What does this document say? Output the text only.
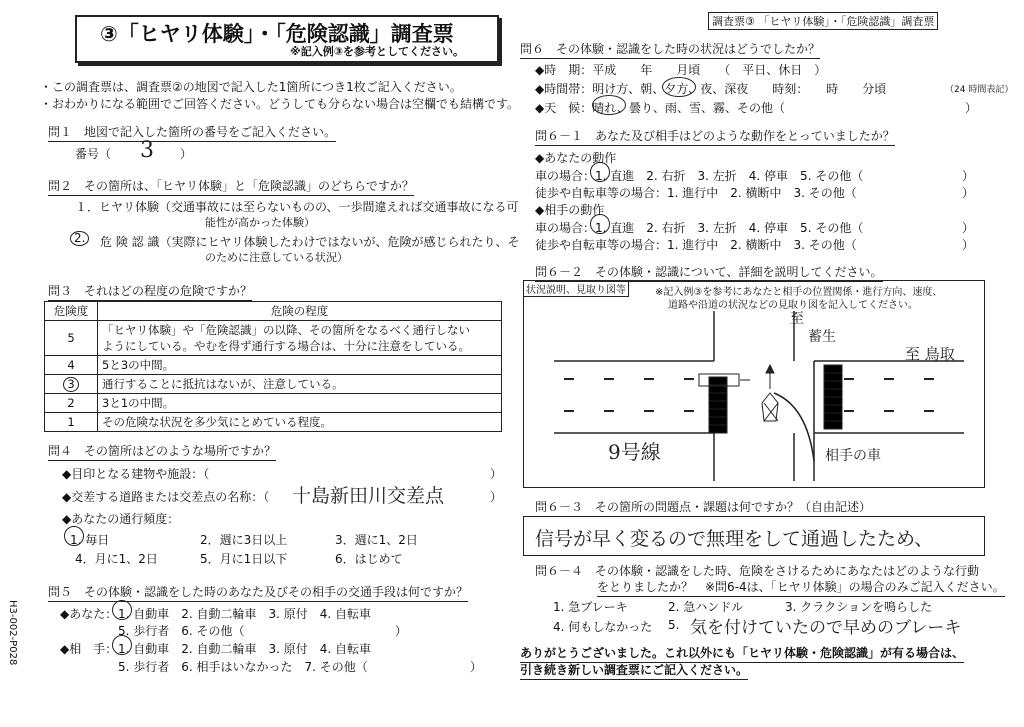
③「ヒヤリ体験」・「危険認識」調査票
※記入例③を参考としてください。
調査票③ 「ヒヤリ体験」・「危険認識」調査票
・この調査票は、調査票②の地図で記入した1箇所につき1枚ご記入ください。
・おわかりになる範囲でご回答ください。どうしても分らない場合は空欄でも結構です。
問１　地図で記入した箇所の番号をご記入ください。
番号（ 3 ）
問２　その箇所は、「ヒヤリ体験」と「危険認識」のどちらですか？
１．ヒヤリ体験（交通事故には至らないものの、一歩間違えれば交通事故になる可
能性が高かった体験）
2.	危 険 認 識（実際にヒヤリ体験したわけではないが、危険が感じられたり、そ
のために注意している状況）
問３　それはどの程度の危険ですか？
危険度	危険の程度
5	「ヒヤリ体験」や「危険認識」の以降、その箇所をなるべく通行しない
ようにしている。やむを得ず通行する場合は、十分に注意をしている。

4	5と3の中間。
3	通行することに抵抗はないが、注意している。
2	3と1の中間。
1	その危険な状況を多少気にとめている程度。
問４　その箇所はどのような場所ですか？
◆目印となる建物や施設：（	）
◆交差する道路または交差点の名称：（ 十島新田川交差点	）
◆あなたの通行頻度：
1. 毎日	2．週に3日以上	3．週に1、2日
4．月に1、2日	5．月に1日以下	6．はじめて
問５　その体験・認識をした時のあなた及びその相手の交通手段は何ですか？
◆あなた： 1. 自動車　2. 自動二輪車　3. 原付　4. 自転車
5. 歩行者　6. その他（	）
◆相　手： 1. 自動車　2. 自動二輪車　3. 原付　4. 自転車
5. 歩行者　6. 相手はいなかった　7. その他（	）
H3-002-P028
問６　その体験・認識をした時の状況はどうでしたか？
◆時　期：平成　　年　　月頃　　（　平日、休日　）
◆時間帯：明け方、朝、夕方、夜、深夜　　時刻：　　時　　分頃	（24 時間表記）
◆天　候：晴れ、曇り、雨、雪、霧、その他（	）
問６－１　あなた及び相手はどのような動作をとっていましたか？
◆あなたの動作
車の場合：1. 直進　2. 右折　3. 左折　4. 停車　5. その他（	）
徒歩や自転車等の場合：1. 進行中　2. 横断中　3. その他（	）
◆相手の動作
車の場合：1. 直進　2. 右折　3. 左折　4. 停車　5. その他（	）
徒歩や自転車等の場合：1. 進行中　2. 横断中　3. その他（	）
問６－２　その体験・認識について、詳細を説明してください。
状況説明、見取り図等	※記入例③を参考にあなたと相手の位置関係・進行方向、速度、
道路や沿道の状況などの見取り図を記入してください。
至
蓄生
至 鳥取
9号線	相手の車
問６－３　その箇所の問題点・課題は何ですか？（自由記述）
信号が早く変るので無理をして通過したため、
問６－４　その体験・認識をした時、危険をさけるためにあなたはどのような行動
をとりましたか？　※問6-4は、「ヒヤリ体験」の場合のみご記入ください。
1. 急ブレーキ	2. 急ハンドル	3. クラクションを鳴らした
4. 何もしなかった 5. 気を付けていたので早めのブレーキ
ありがとうございました。これ以外にも「ヒヤリ体験・危険認識」が有る場合は、
引き続き新しい調査票にご記入ください。
